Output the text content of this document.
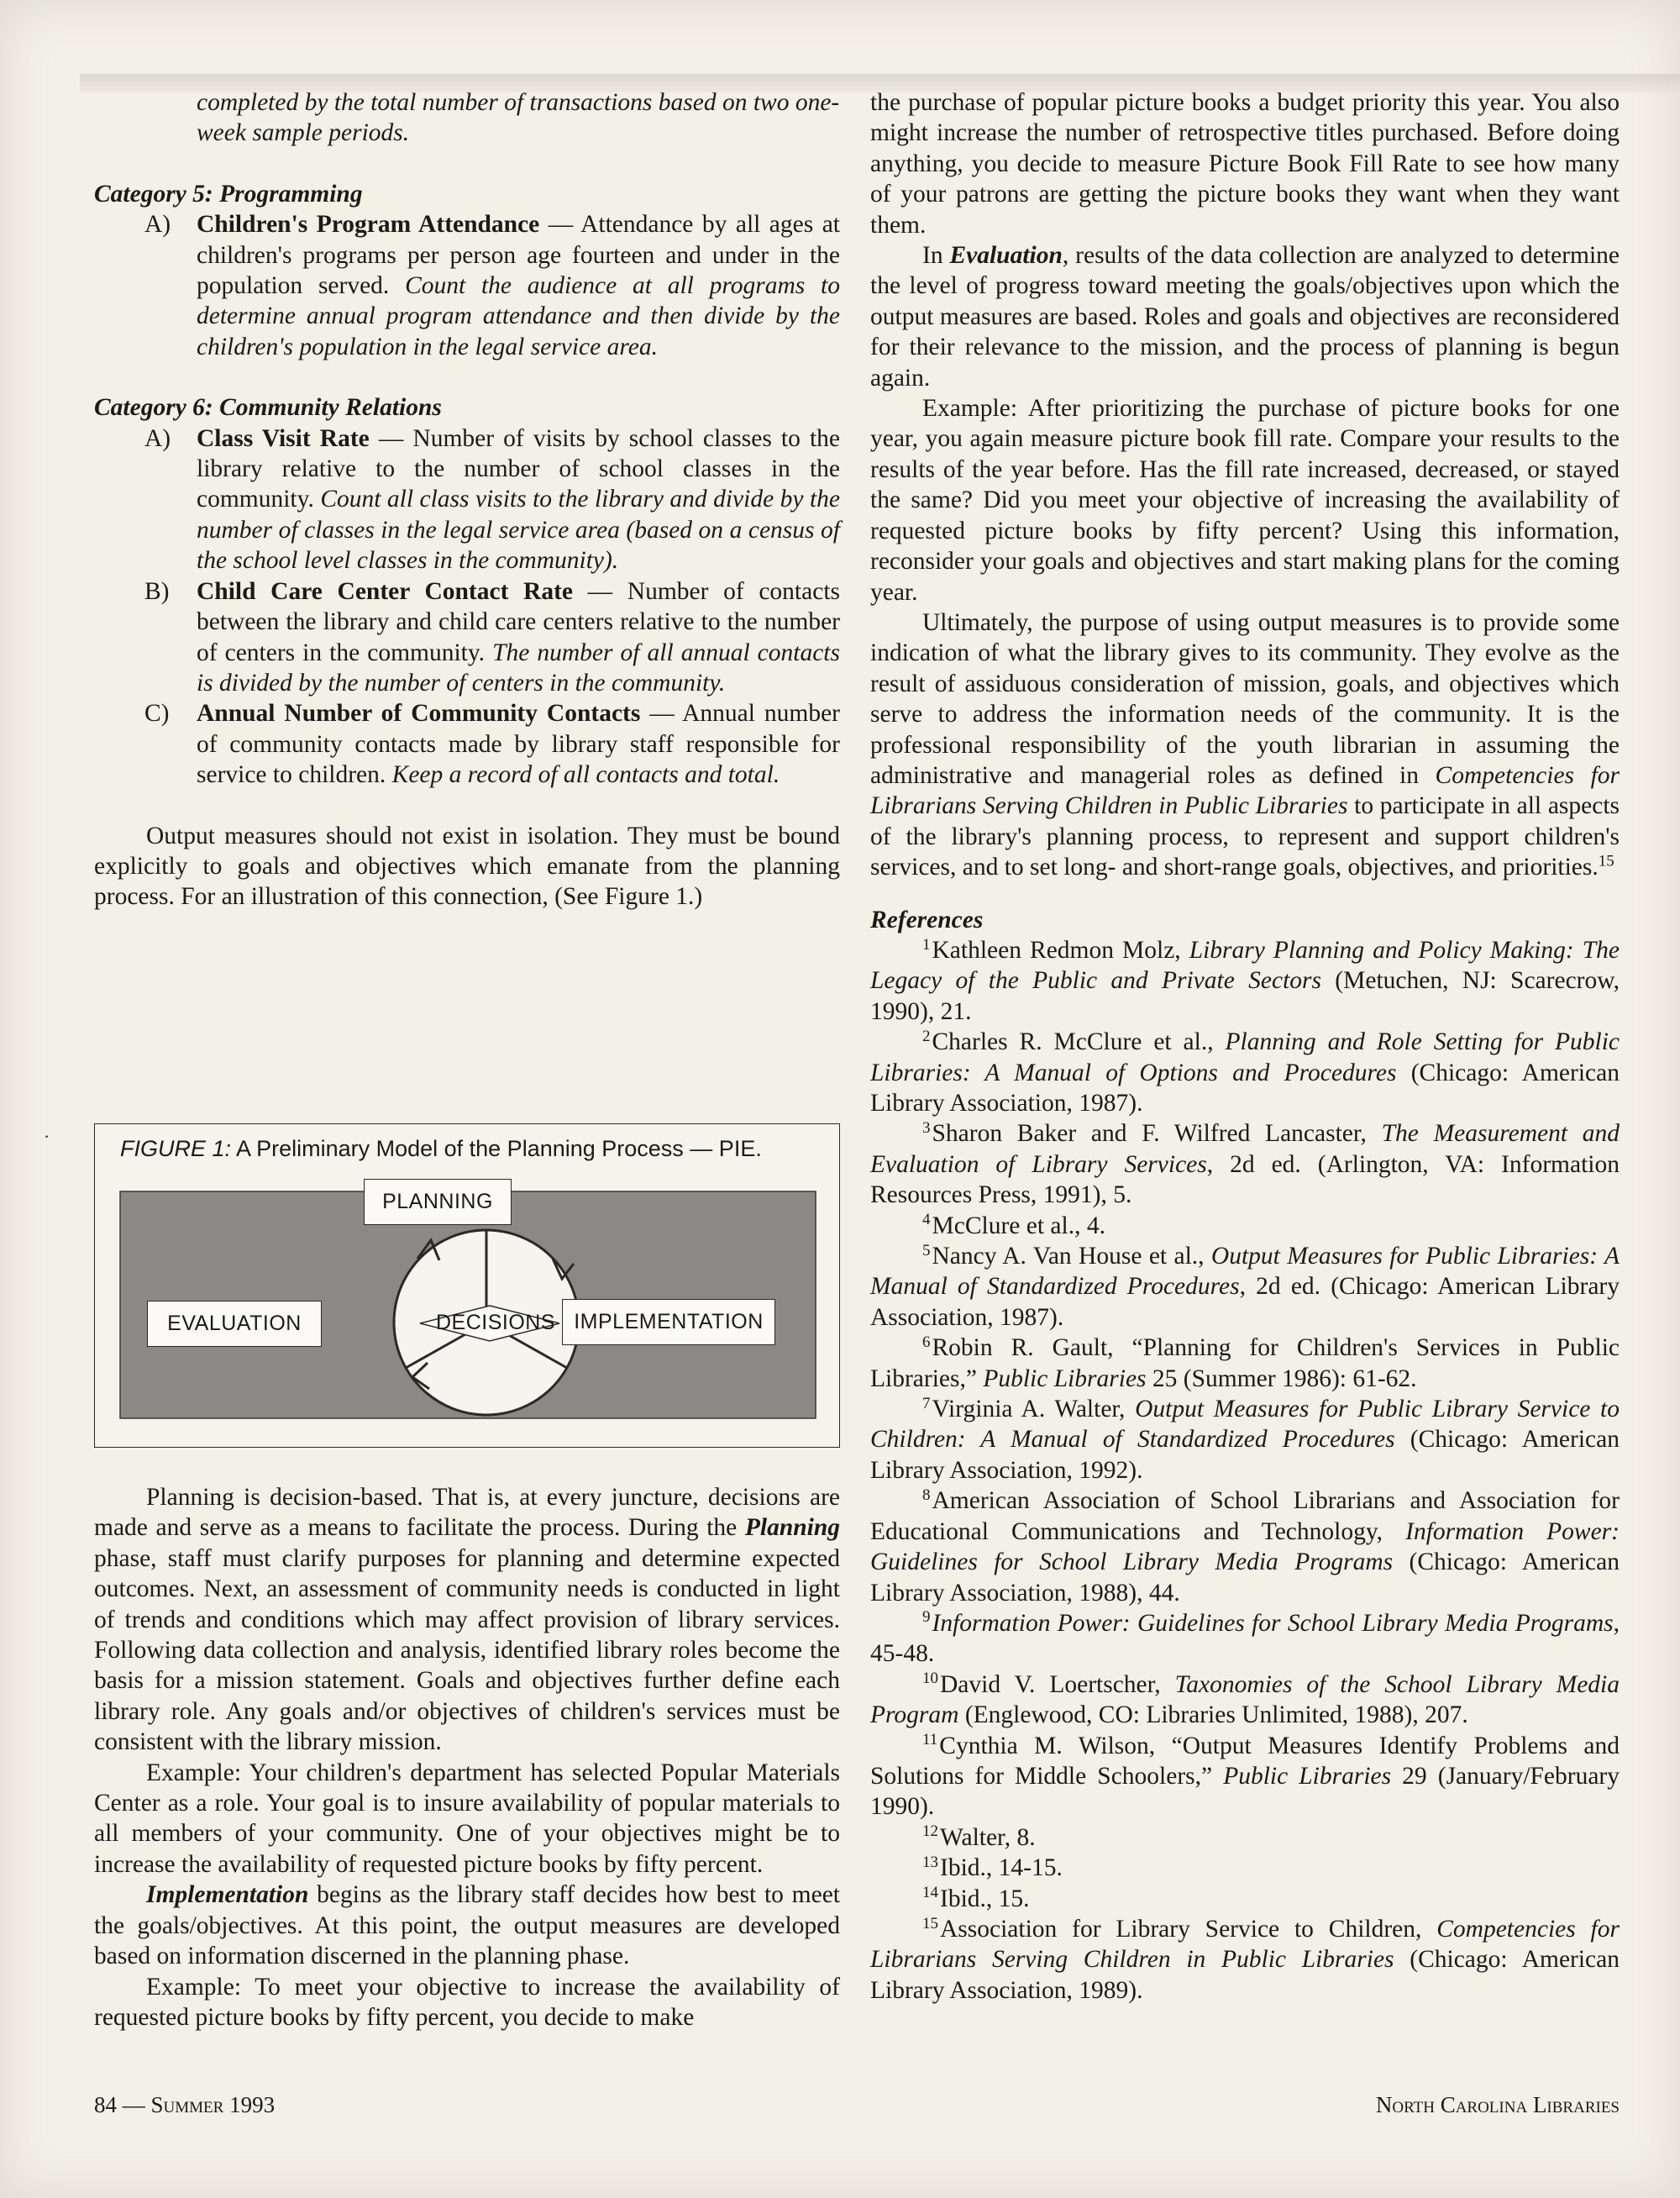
·

completed by the total number of transactions based on two one-week sample periods.

Category 5: Programming

A) Children's Program Attendance — Attendance by all ages at children's programs per person age fourteen and under in the population served. Count the audience at all programs to determine annual program attendance and then divide by the children's population in the legal service area.

Category 6: Community Relations

A) Class Visit Rate — Number of visits by school classes to the library relative to the number of school classes in the community. Count all class visits to the library and divide by the number of classes in the legal service area (based on a census of the school level classes in the community).
B) Child Care Center Contact Rate — Number of contacts between the library and child care centers relative to the number of centers in the community. The number of all annual contacts is divided by the number of centers in the community.
C) Annual Number of Community Contacts — Annual number of community contacts made by library staff responsible for service to children. Keep a record of all contacts and total.

Output measures should not exist in isolation. They must be bound explicitly to goals and objectives which emanate from the planning process. For an illustration of this connection, (See Figure 1.)

FIGURE 1: A Preliminary Model of the Planning Process — PIE.
PLANNING
EVALUATION	IMPLEMENTATION
DECISIONS

Planning is decision-based. That is, at every juncture, decisions are made and serve as a means to facilitate the process. During the Planning phase, staff must clarify purposes for planning and determine expected outcomes. Next, an assessment of community needs is conducted in light of trends and conditions which may affect provision of library services. Following data collection and analysis, identified library roles become the basis for a mission statement. Goals and objectives further define each library role. Any goals and/or objectives of children's services must be consistent with the library mission.

Example: Your children's department has selected Popular Materials Center as a role. Your goal is to insure availability of popular materials to all members of your community. One of your objectives might be to increase the availability of requested picture books by fifty percent.

Implementation begins as the library staff decides how best to meet the goals/objectives. At this point, the output measures are developed based on information discerned in the planning phase.

Example: To meet your objective to increase the availability of requested picture books by fifty percent, you decide to make

the purchase of popular picture books a budget priority this year. You also might increase the number of retrospective titles purchased. Before doing anything, you decide to measure Picture Book Fill Rate to see how many of your patrons are getting the picture books they want when they want them.

In Evaluation, results of the data collection are analyzed to determine the level of progress toward meeting the goals/objectives upon which the output measures are based. Roles and goals and objectives are reconsidered for their relevance to the mission, and the process of planning is begun again.

Example: After prioritizing the purchase of picture books for one year, you again measure picture book fill rate. Compare your results to the results of the year before. Has the fill rate increased, decreased, or stayed the same? Did you meet your objective of increasing the availability of requested picture books by fifty percent? Using this information, reconsider your goals and objectives and start making plans for the coming year.

Ultimately, the purpose of using output measures is to provide some indication of what the library gives to its community. They evolve as the result of assiduous consideration of mission, goals, and objectives which serve to address the information needs of the community. It is the professional responsibility of the youth librarian in assuming the administrative and managerial roles as defined in Competencies for Librarians Serving Children in Public Libraries to participate in all aspects of the library's planning process, to represent and support children's services, and to set long- and short-range goals, objectives, and priorities.$^{15}$

References

$^1$Kathleen Redmon Molz, Library Planning and Policy Making: The Legacy of the Public and Private Sectors (Metuchen, NJ: Scarecrow, 1990), 21.

$^2$Charles R. McClure et al., Planning and Role Setting for Public Libraries: A Manual of Options and Procedures (Chicago: American Library Association, 1987).

$^3$Sharon Baker and F. Wilfred Lancaster, The Measurement and Evaluation of Library Services, 2d ed. (Arlington, VA: Information Resources Press, 1991), 5.

$^4$McClure et al., 4.

$^5$Nancy A. Van House et al., Output Measures for Public Libraries: A Manual of Standardized Procedures, 2d ed. (Chicago: American Library Association, 1987).

$^6$Robin R. Gault, “Planning for Children's Services in Public Libraries,” Public Libraries 25 (Summer 1986): 61-62.

$^7$Virginia A. Walter, Output Measures for Public Library Service to Children: A Manual of Standardized Procedures (Chicago: American Library Association, 1992).

$^8$American Association of School Librarians and Association for Educational Communications and Technology, Information Power: Guidelines for School Library Media Programs (Chicago: American Library Association, 1988), 44.

$^9$Information Power: Guidelines for School Library Media Programs, 45-48.

$^{10}$David V. Loertscher, Taxonomies of the School Library Media Program (Englewood, CO: Libraries Unlimited, 1988), 207.

$^{11}$Cynthia M. Wilson, “Output Measures Identify Problems and Solutions for Middle Schoolers,” Public Libraries 29 (January/February 1990).

$^{12}$Walter, 8.

$^{13}$Ibid., 14-15.

$^{14}$Ibid., 15.

$^{15}$Association for Library Service to Children, Competencies for Librarians Serving Children in Public Libraries (Chicago: American Library Association, 1989).

84 — Summer 1993	North Carolina Libraries
